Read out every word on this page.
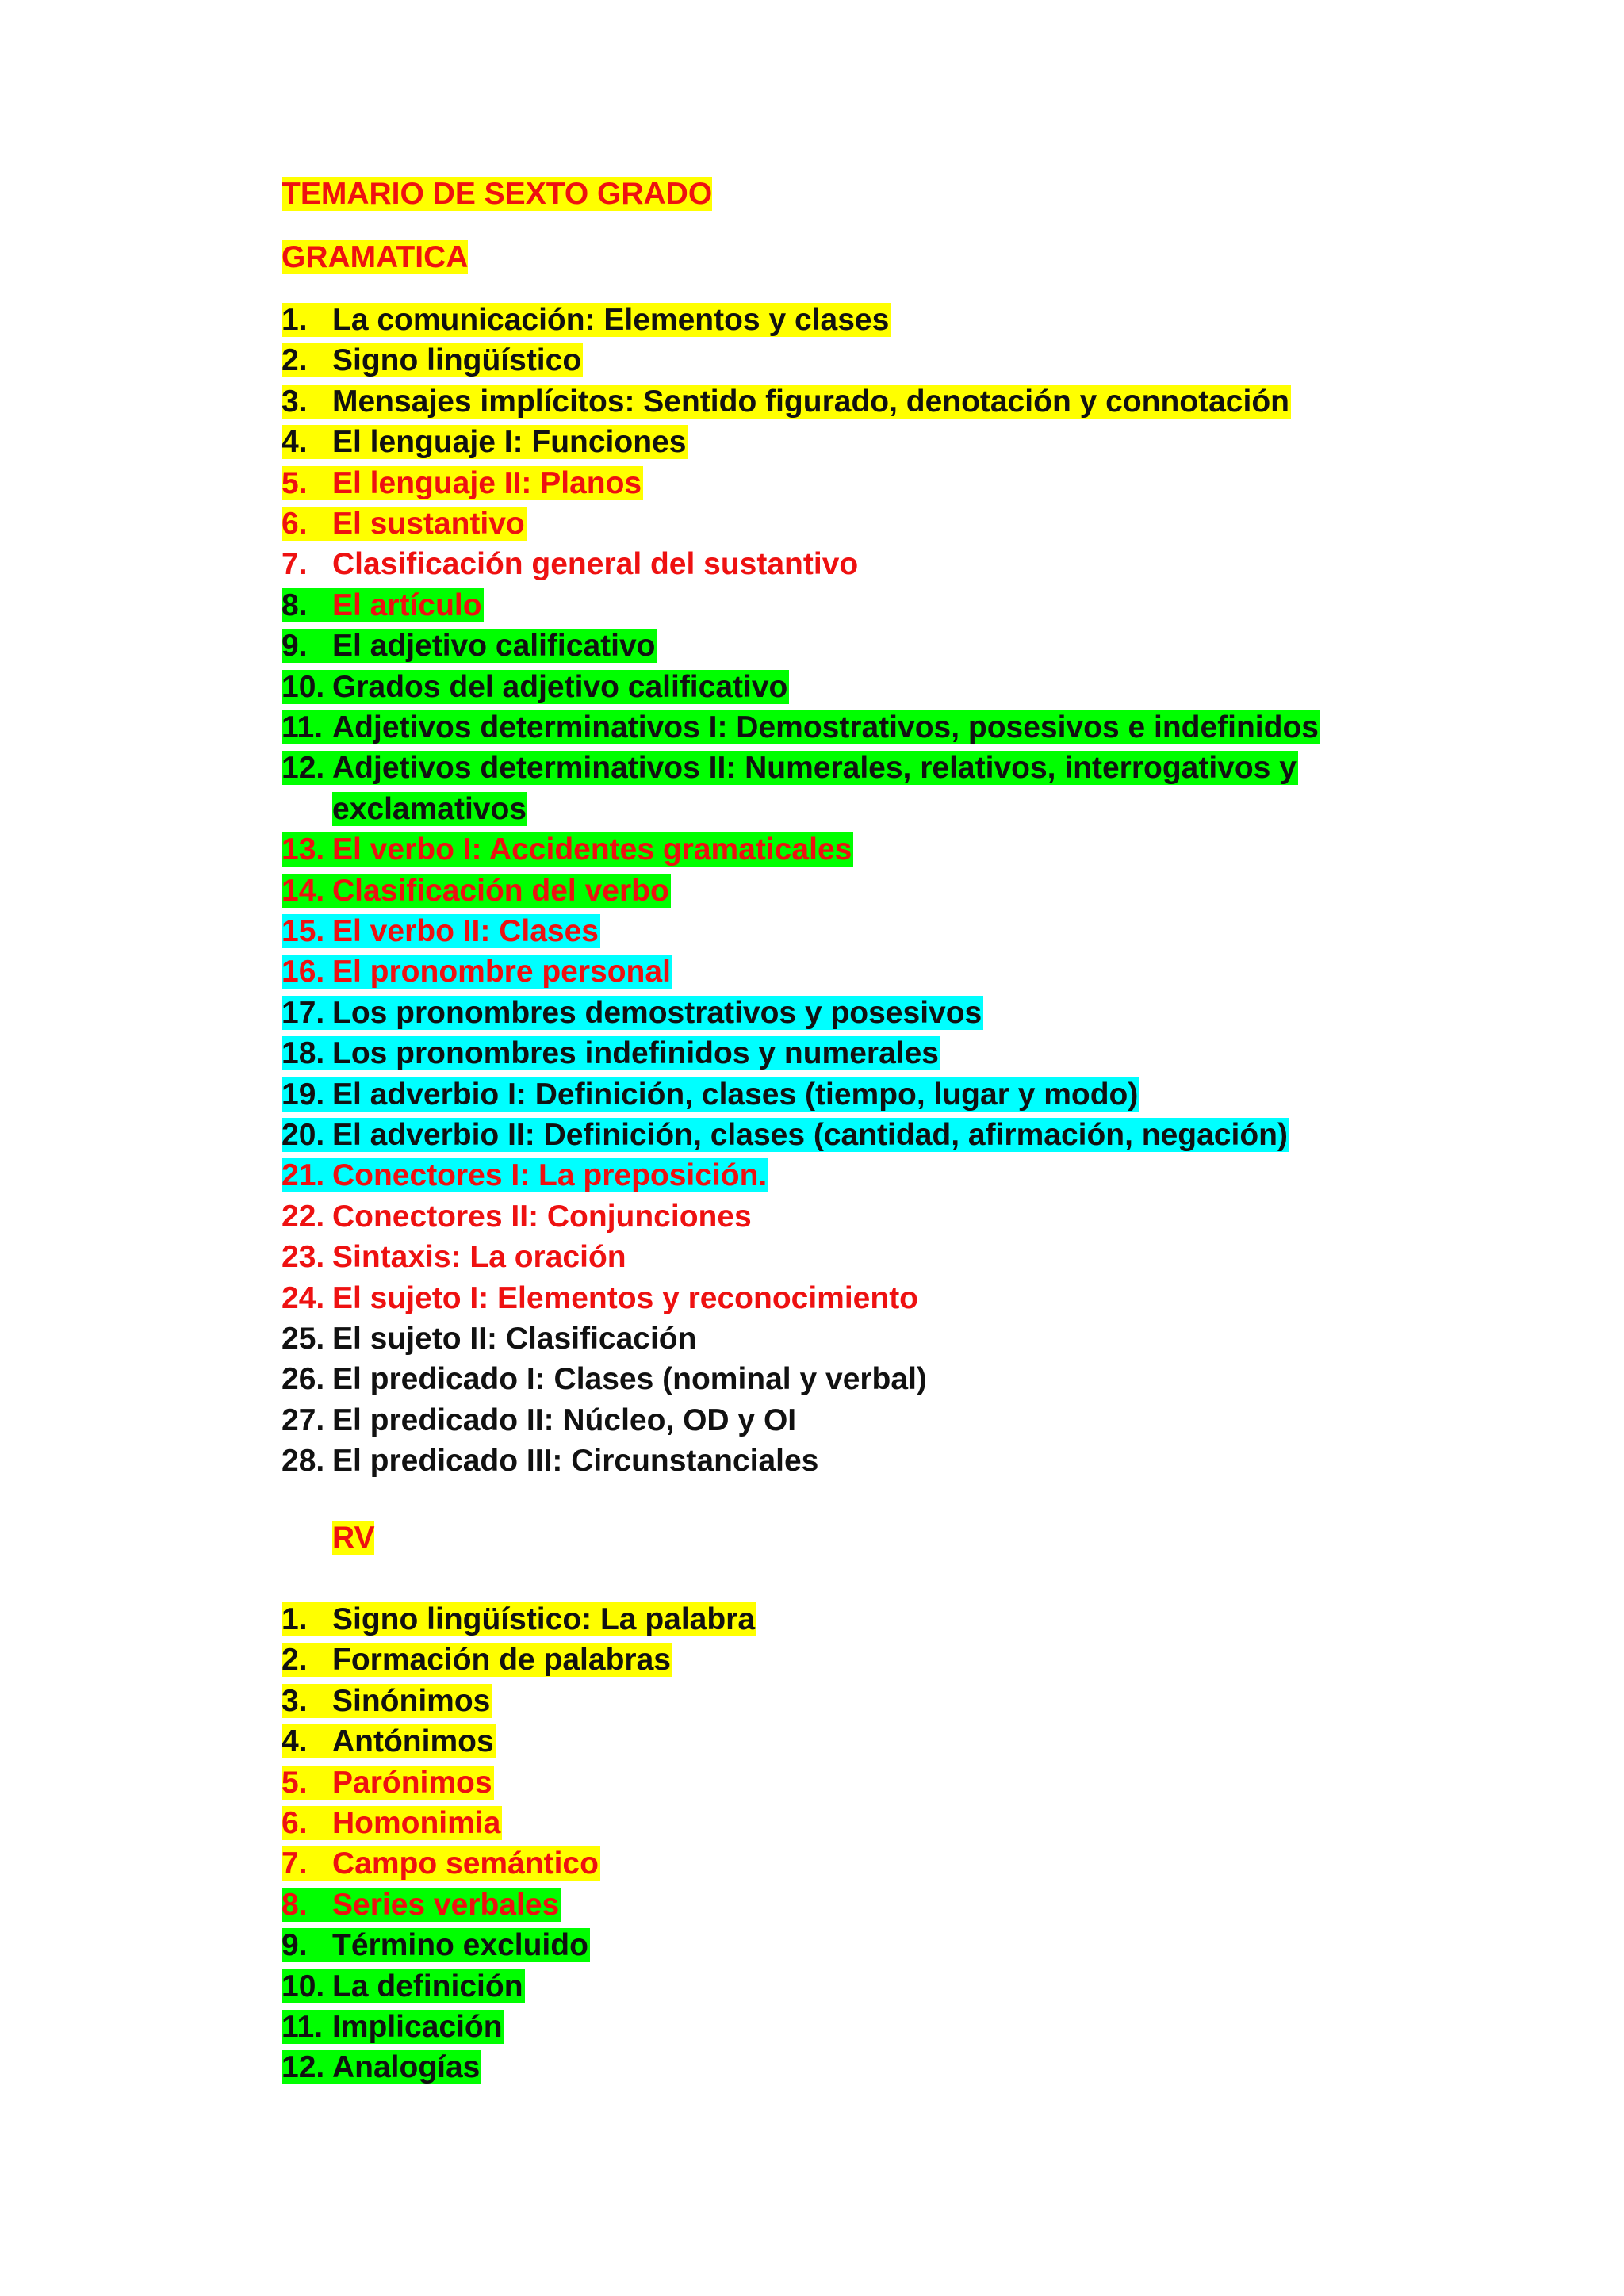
TEMARIO DE SEXTO GRADO
GRAMATICA
1. La comunicación: Elementos y clases
2. Signo lingüístico
3. Mensajes implícitos: Sentido figurado, denotación y connotación
4. El lenguaje I: Funciones
5. El lenguaje II: Planos
6. El sustantivo
7. Clasificación general del sustantivo
8. El artículo
9. El adjetivo calificativo
10. Grados del adjetivo calificativo
11. Adjetivos determinativos I: Demostrativos, posesivos e indefinidos
12. Adjetivos determinativos II: Numerales, relativos, interrogativos y
exclamativos
13. El verbo I: Accidentes gramaticales
14. Clasificación del verbo
15. El verbo II: Clases
16. El pronombre personal
17. Los pronombres demostrativos y posesivos
18. Los pronombres indefinidos y numerales
19. El adverbio I: Definición, clases (tiempo, lugar y modo)
20. El adverbio II: Definición, clases (cantidad, afirmación, negación)
21. Conectores I: La preposición.
22. Conectores II: Conjunciones
23. Sintaxis: La oración
24. El sujeto I: Elementos y reconocimiento
25. El sujeto II: Clasificación
26. El predicado I: Clases (nominal y verbal)
27. El predicado II: Núcleo, OD y OI
28. El predicado III: Circunstanciales
RV
1. Signo lingüístico: La palabra
2. Formación de palabras
3. Sinónimos
4. Antónimos
5. Parónimos
6. Homonimia
7. Campo semántico
8. Series verbales
9. Término excluido
10. La definición
11. Implicación
12. Analogías
